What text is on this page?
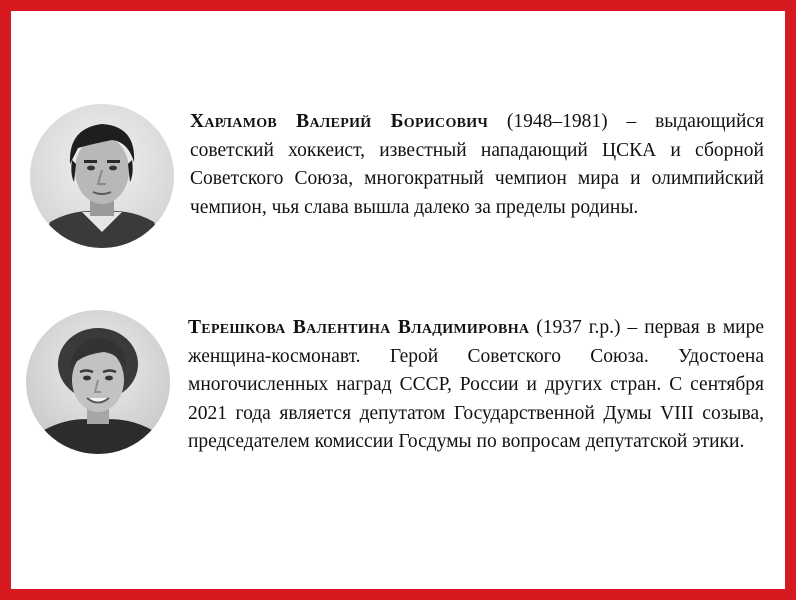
Харламов Валерий Борисович (1948–1981) – выдающийся советский хоккеист, известный нападающий ЦСКА и сборной Советского Союза, многократный чемпион мира и олимпийский чемпион, чья слава вышла далеко за пределы родины.
Терешкова Валентина Владимировна (1937 г.р.) – первая в мире женщина-космонавт. Герой Советского Союза. Удостоена многочисленных наград СССР, России и других стран. С сентября 2021 года является депутатом Государственной Думы VIII созыва, председателем комиссии Госдумы по вопросам депутатской этики.
